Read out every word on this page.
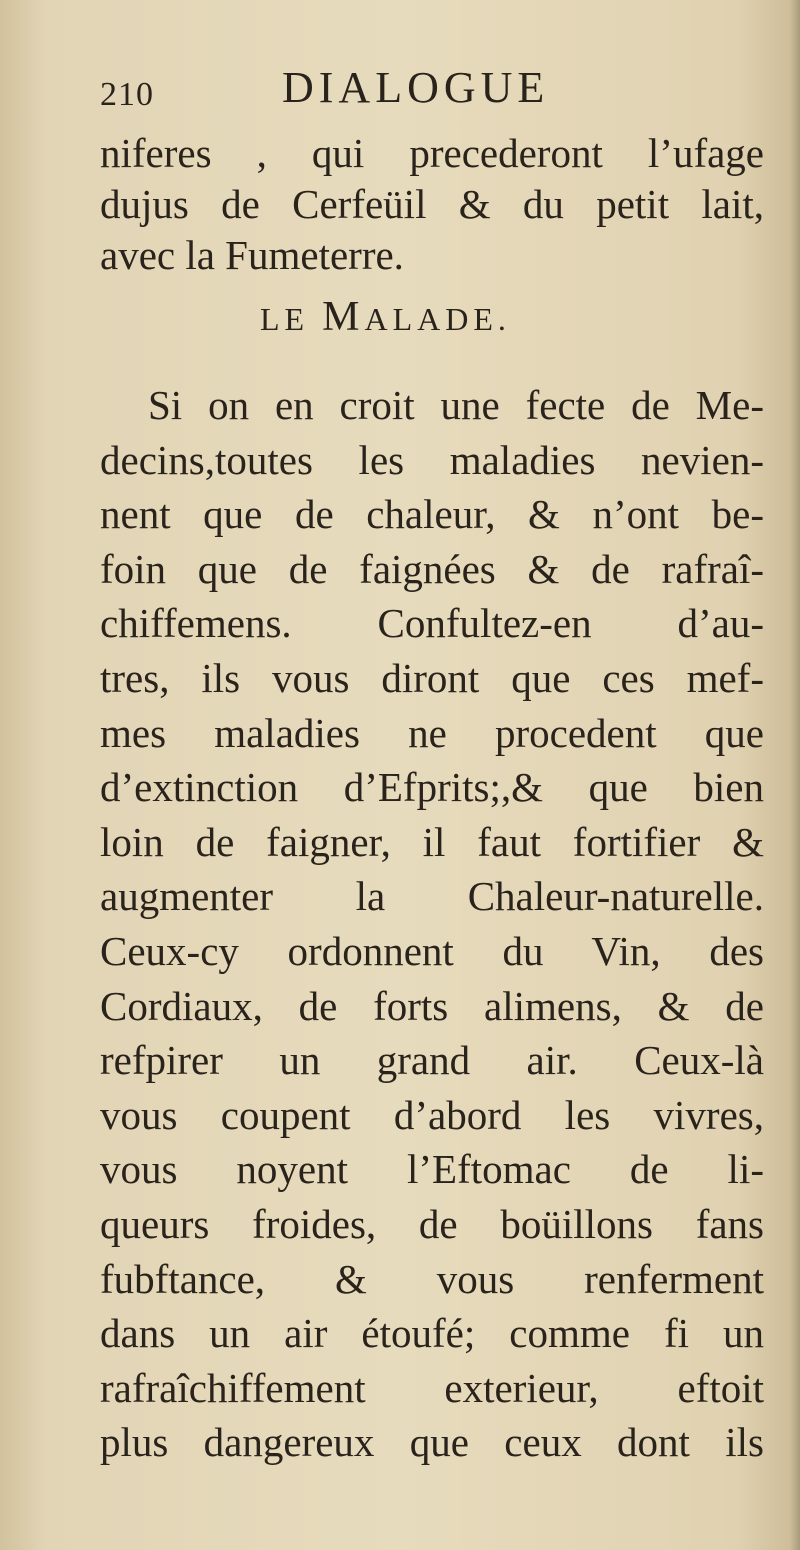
210	DIALOGUE
niferes , qui precederont l’ufage
dujus de Cerfeüil & du petit lait,
avec la Fumeterre.
LE MALADE.
Si on en croit une fecte de Me-
decins,toutes les maladies nevien-
nent que de chaleur, & n’ont be-
foin que de faignées & de rafraî-
chiffemens. Confultez-en d’au-
tres, ils vous diront que ces mef-
mes maladies ne procedent que
d’extinction d’Efprits;,& que bien
loin de faigner, il faut fortifier &
augmenter la Chaleur-naturelle.
Ceux-cy ordonnent du Vin, des
Cordiaux, de forts alimens, & de
refpirer un grand air. Ceux-là
vous coupent d’abord les vivres,
vous noyent l’Eftomac de li-
queurs froides, de boüillons fans
fubftance, & vous renferment
dans un air étoufé; comme fi un
rafraîchiffement exterieur, eftoit
plus dangereux que ceux dont ils
